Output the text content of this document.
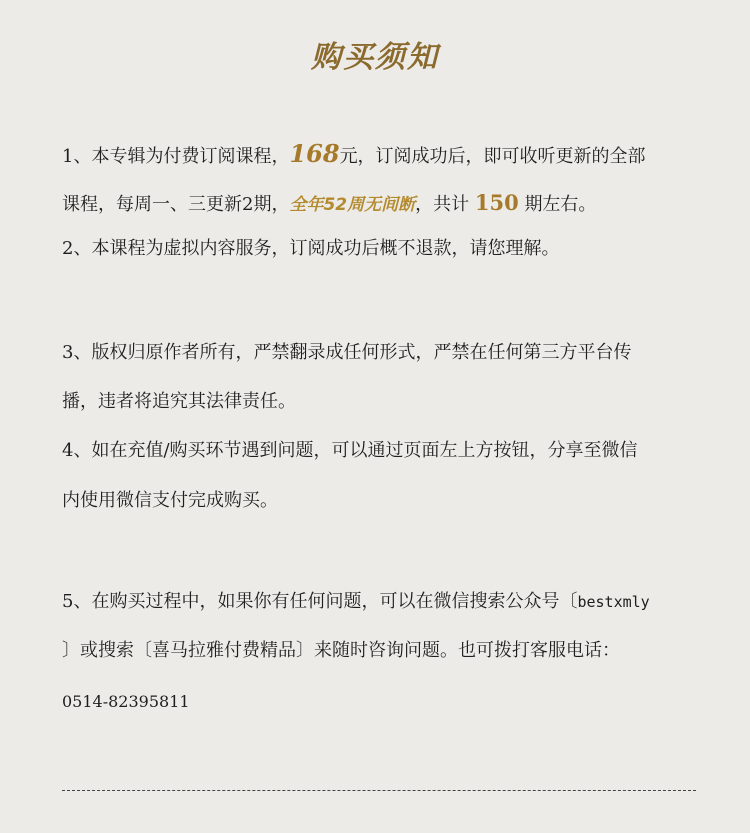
购买须知
1、本专辑为付费订阅课程，168元，订阅成功后，即可收听更新的全部
课程，每周一、三更新2期，全年52周无间断，共计 150 期左右。
2、本课程为虚拟内容服务，订阅成功后概不退款，请您理解。
3、版权归原作者所有，严禁翻录成任何形式，严禁在任何第三方平台传
播，违者将追究其法律责任。
4、如在充值/购买环节遇到问题，可以通过页面左上方按钮，分享至微信
内使用微信支付完成购买。
5、在购买过程中，如果你有任何问题，可以在微信搜索公众号〔bestxmly
〕或搜索〔喜马拉雅付费精品〕来随时咨询问题。也可拨打客服电话：
0514-82395811
